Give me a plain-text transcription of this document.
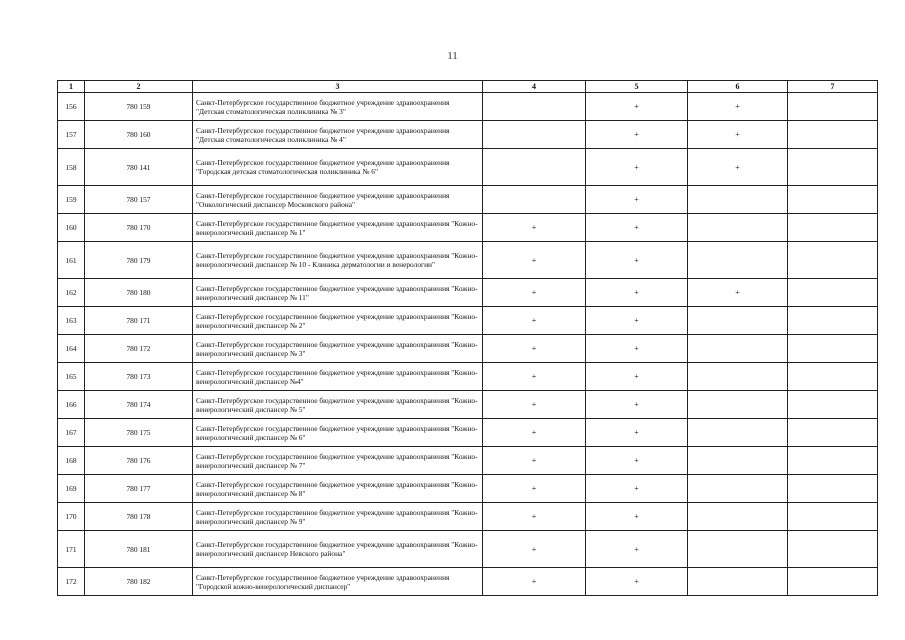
11
1	2	3	4	5	6	7
156	780 159	Санкт-Петербургское государственное бюджетное учреждение здравоохранения "Детская стоматологическая поликлиника № 3"		+	+	
157	780 160	Санкт-Петербургское государственное бюджетное учреждение здравоохранения "Детская стоматологическая поликлиника № 4"		+	+	
158	780 141	Санкт-Петербургское государственное бюджетное учреждение здравоохранения "Городская детская стоматологическая поликлиника № 6"		+	+	
159	780 157	Санкт-Петербургское государственное бюджетное учреждение здравоохранения "Онкологический диспансер Московского района"		+		
160	780 170	Санкт-Петербургское государственное бюджетное учреждение здравоохранения "Кожно-венерологический диспансер № 1"	+	+		
161	780 179	Санкт-Петербургское государственное бюджетное учреждение здравоохранения "Кожно-венерологический диспансер № 10 - Клиника дерматологии и венерологии"	+	+		
162	780 180	Санкт-Петербургское государственное бюджетное учреждение здравоохранения "Кожно-венерологический диспансер № 11"	+	+	+	
163	780 171	Санкт-Петербургское государственное бюджетное учреждение здравоохранения "Кожно-венерологический диспансер № 2"	+	+		
164	780 172	Санкт-Петербургское государственное бюджетное учреждение здравоохранения "Кожно-венерологический диспансер № 3"	+	+		
165	780 173	Санкт-Петербургское государственное бюджетное учреждение здравоохранения "Кожно-венерологический диспансер №4"	+	+		
166	780 174	Санкт-Петербургское государственное бюджетное учреждение здравоохранения "Кожно-венерологический диспансер № 5"	+	+		
167	780 175	Санкт-Петербургское государственное бюджетное учреждение здравоохранения "Кожно-венерологический диспансер № 6"	+	+		
168	780 176	Санкт-Петербургское государственное бюджетное учреждение здравоохранения "Кожно-венерологический диспансер № 7"	+	+		
169	780 177	Санкт-Петербургское государственное бюджетное учреждение здравоохранения "Кожно-венерологический диспансер № 8"	+	+		
170	780 178	Санкт-Петербургское государственное бюджетное учреждение здравоохранения "Кожно-венерологический диспансер № 9"	+	+		
171	780 181	Санкт-Петербургское государственное бюджетное учреждение здравоохранения "Кожно-венерологический диспансер Невского района"	+	+		
172	780 182	Санкт-Петербургское государственное бюджетное учреждение здравоохранения "Городской кожно-венерологический диспансер"	+	+		
